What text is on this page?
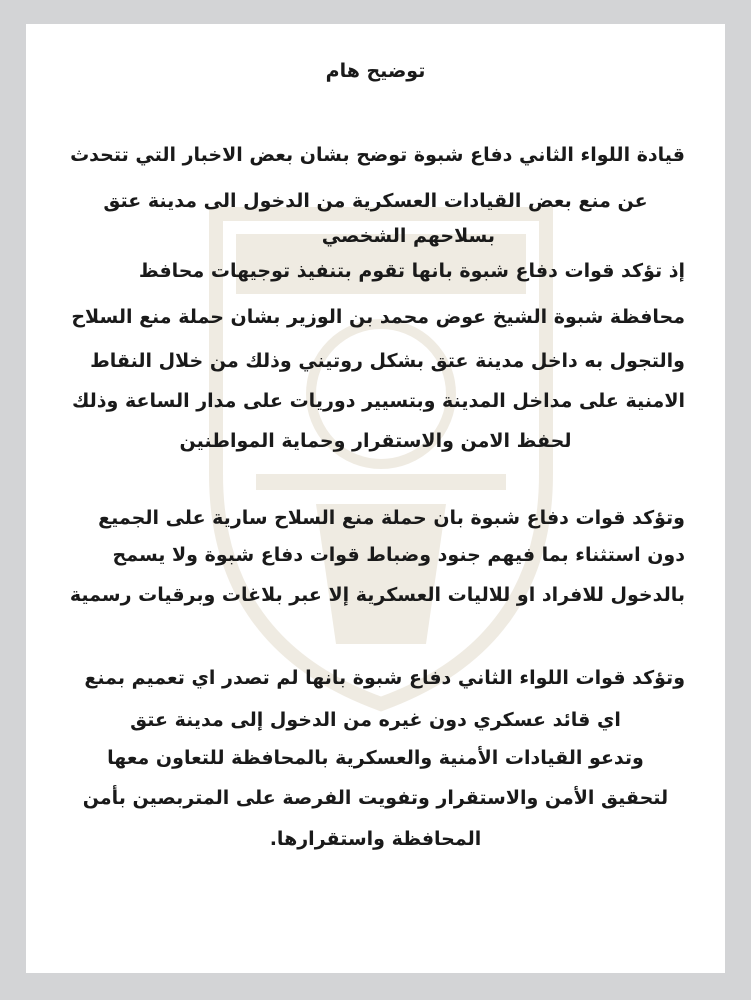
توضيح هام
قيادة اللواء الثاني دفاع شبوة توضح بشان بعض الاخبار التي تتحدث
عن منع بعض القيادات العسكرية من الدخول الى مدينة عتق
بسلاحهم الشخصي
إذ تؤكد قوات دفاع شبوة بانها تقوم بتنفيذ توجيهات محافظ
محافظة شبوة الشيخ عوض محمد بن الوزير بشان حملة منع السلاح
والتجول به داخل مدينة عتق بشكل روتيني وذلك من خلال النقاط
الامنية على مداخل المدينة وبتسيير دوريات على مدار الساعة وذلك
لحفظ الامن والاستقرار وحماية المواطنين
وتؤكد قوات دفاع شبوة بان حملة منع السلاح سارية على الجميع
دون استثناء بما فيهم جنود وضباط قوات دفاع شبوة ولا يسمح
بالدخول للافراد او للاليات العسكرية إلا عبر بلاغات وبرقيات رسمية
وتؤكد قوات اللواء الثاني دفاع شبوة بانها لم تصدر اي تعميم بمنع
اي قائد عسكري دون غيره من الدخول إلى مدينة عتق
وتدعو القيادات الأمنية والعسكرية بالمحافظة للتعاون معها
لتحقيق الأمن والاستقرار وتفويت الفرصة على المتربصين بأمن
المحافظة واستقرارها.
